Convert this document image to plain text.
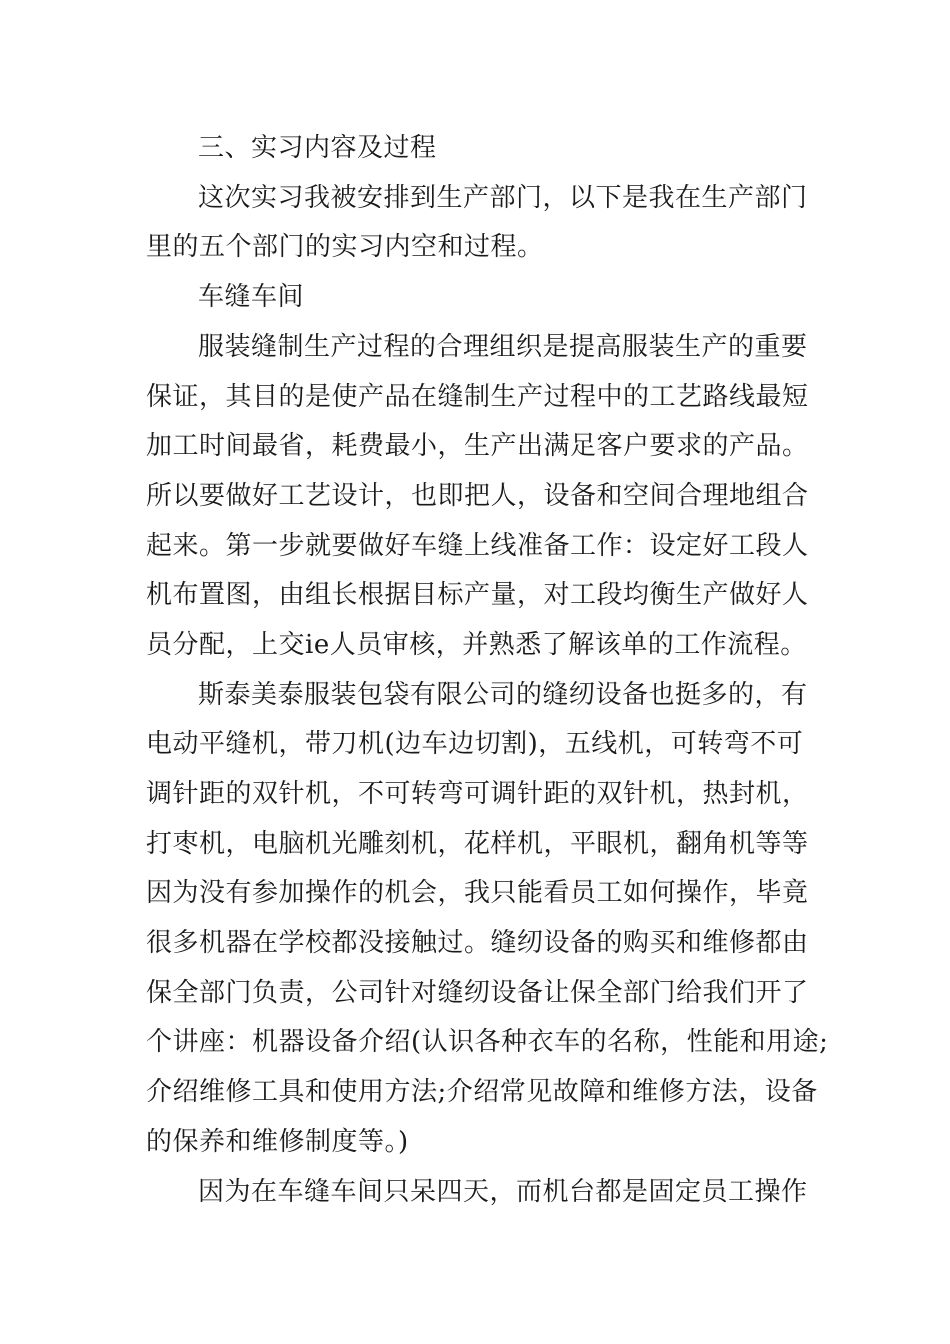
三、实习内容及过程

这次实习我被安排到生产部门，以下是我在生产部门

里的五个部门的实习内空和过程。

车缝车间

服装缝制生产过程的合理组织是提高服装生产的重要

保证，其目的是使产品在缝制生产过程中的工艺路线最短

加工时间最省，耗费最小，生产出满足客户要求的产品。

所以要做好工艺设计，也即把人，设备和空间合理地组合

起来。第一步就要做好车缝上线准备工作：设定好工段人

机布置图，由组长根据目标产量，对工段均衡生产做好人

员分配，上交ie人员审核，并熟悉了解该单的工作流程。

斯泰美泰服装包袋有限公司的缝纫设备也挺多的，有

电动平缝机，带刀机(边车边切割)，五线机，可转弯不可

调针距的双针机，不可转弯可调针距的双针机，热封机，

打枣机，电脑机光雕刻机，花样机，平眼机，翻角机等等

因为没有参加操作的机会，我只能看员工如何操作，毕竟

很多机器在学校都没接触过。缝纫设备的购买和维修都由

保全部门负责，公司针对缝纫设备让保全部门给我们开了

个讲座：机器设备介绍(认识各种衣车的名称，性能和用途;

介绍维修工具和使用方法;介绍常见故障和维修方法，设备

的保养和维修制度等。)

因为在车缝车间只呆四天，而机台都是固定员工操作
